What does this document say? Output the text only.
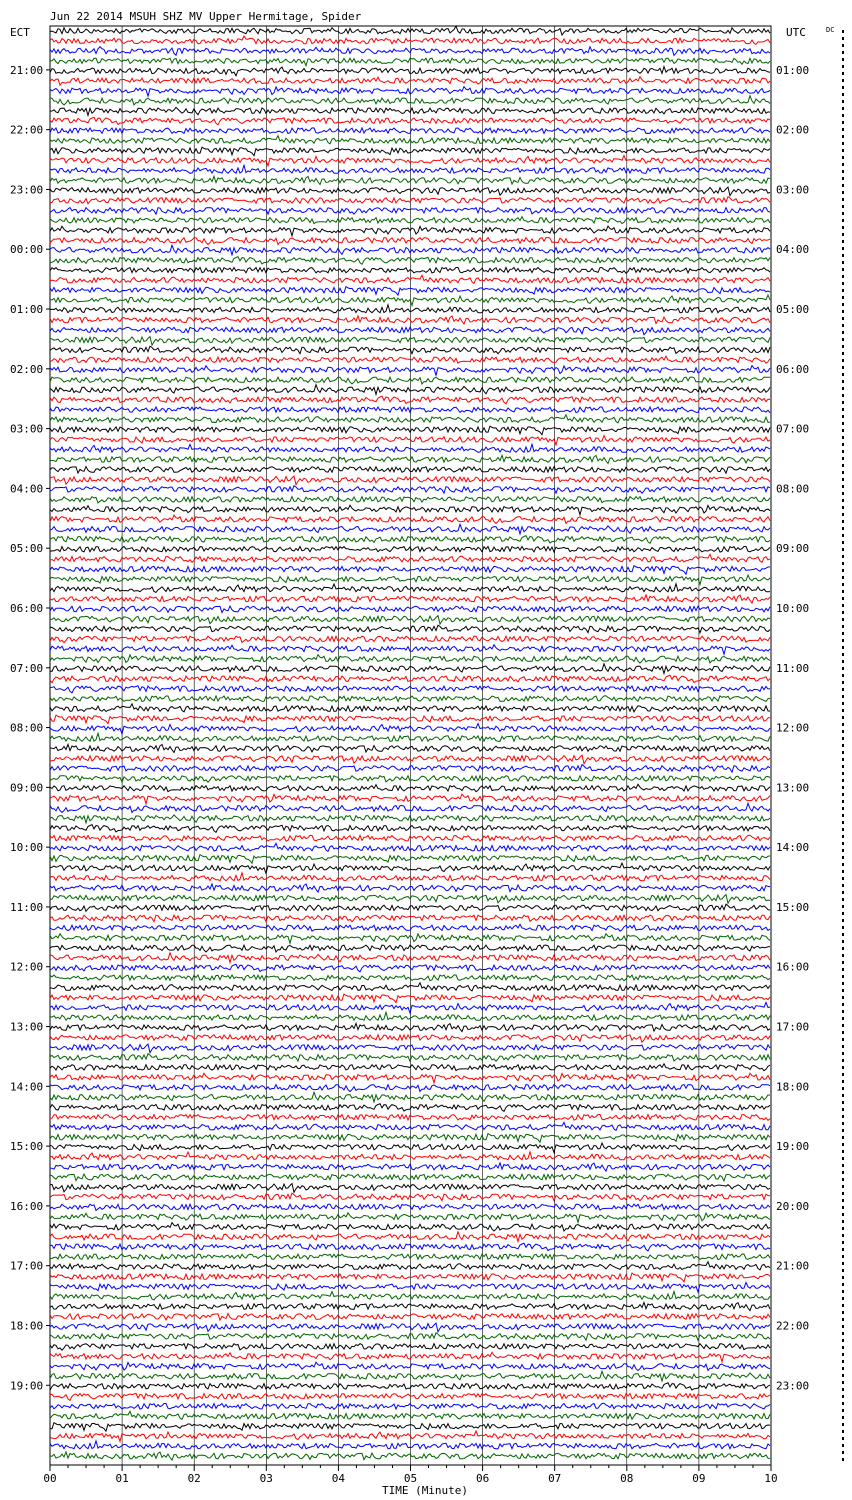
Jun 22 2014 MSUH SHZ MV Upper Hermitage, Spider
ECT	UTC	DC
21:00
22:00
23:00
00:00
01:00
02:00
03:00
04:00
05:00
06:00
07:00
08:00
09:00
10:00
11:00
12:00
13:00
14:00
15:00
16:00
17:00
18:00
19:00
01:00
02:00
03:00
04:00
05:00
06:00
07:00
08:00
09:00
10:00
11:00
12:00
13:00
14:00
15:00
16:00
17:00
18:00
19:00
20:00
21:00
22:00
23:00
00	01	02	03	04	05	06	07	08	09	10
TIME (Minute)
